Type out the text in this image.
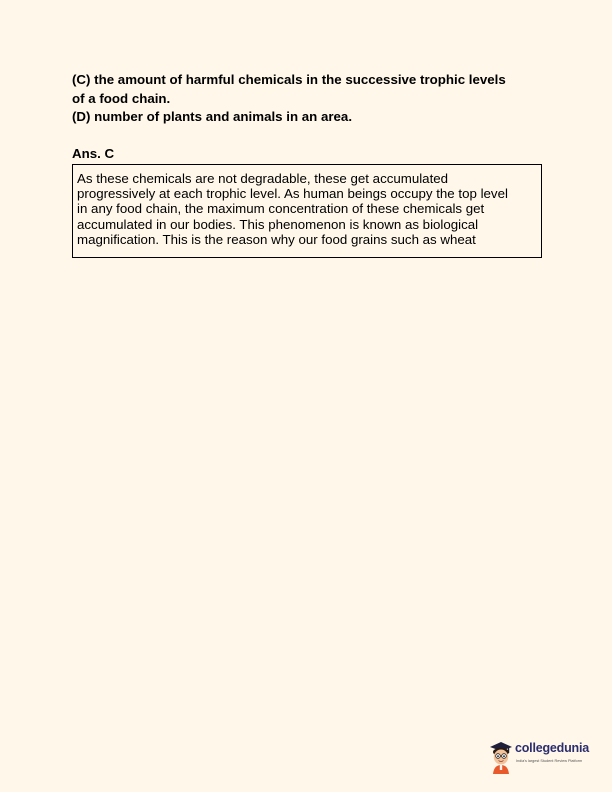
(C) the amount of harmful chemicals in the successive trophic levels
of a food chain.
(D) number of plants and animals in an area.
Ans. C
As these chemicals are not degradable, these get accumulated
progressively at each trophic level. As human beings occupy the top level
in any food chain, the maximum concentration of these chemicals get
accumulated in our bodies. This phenomenon is known as biological
magnification. This is the reason why our food grains such as wheat
collegedunia
India's largest Student Review Platform
